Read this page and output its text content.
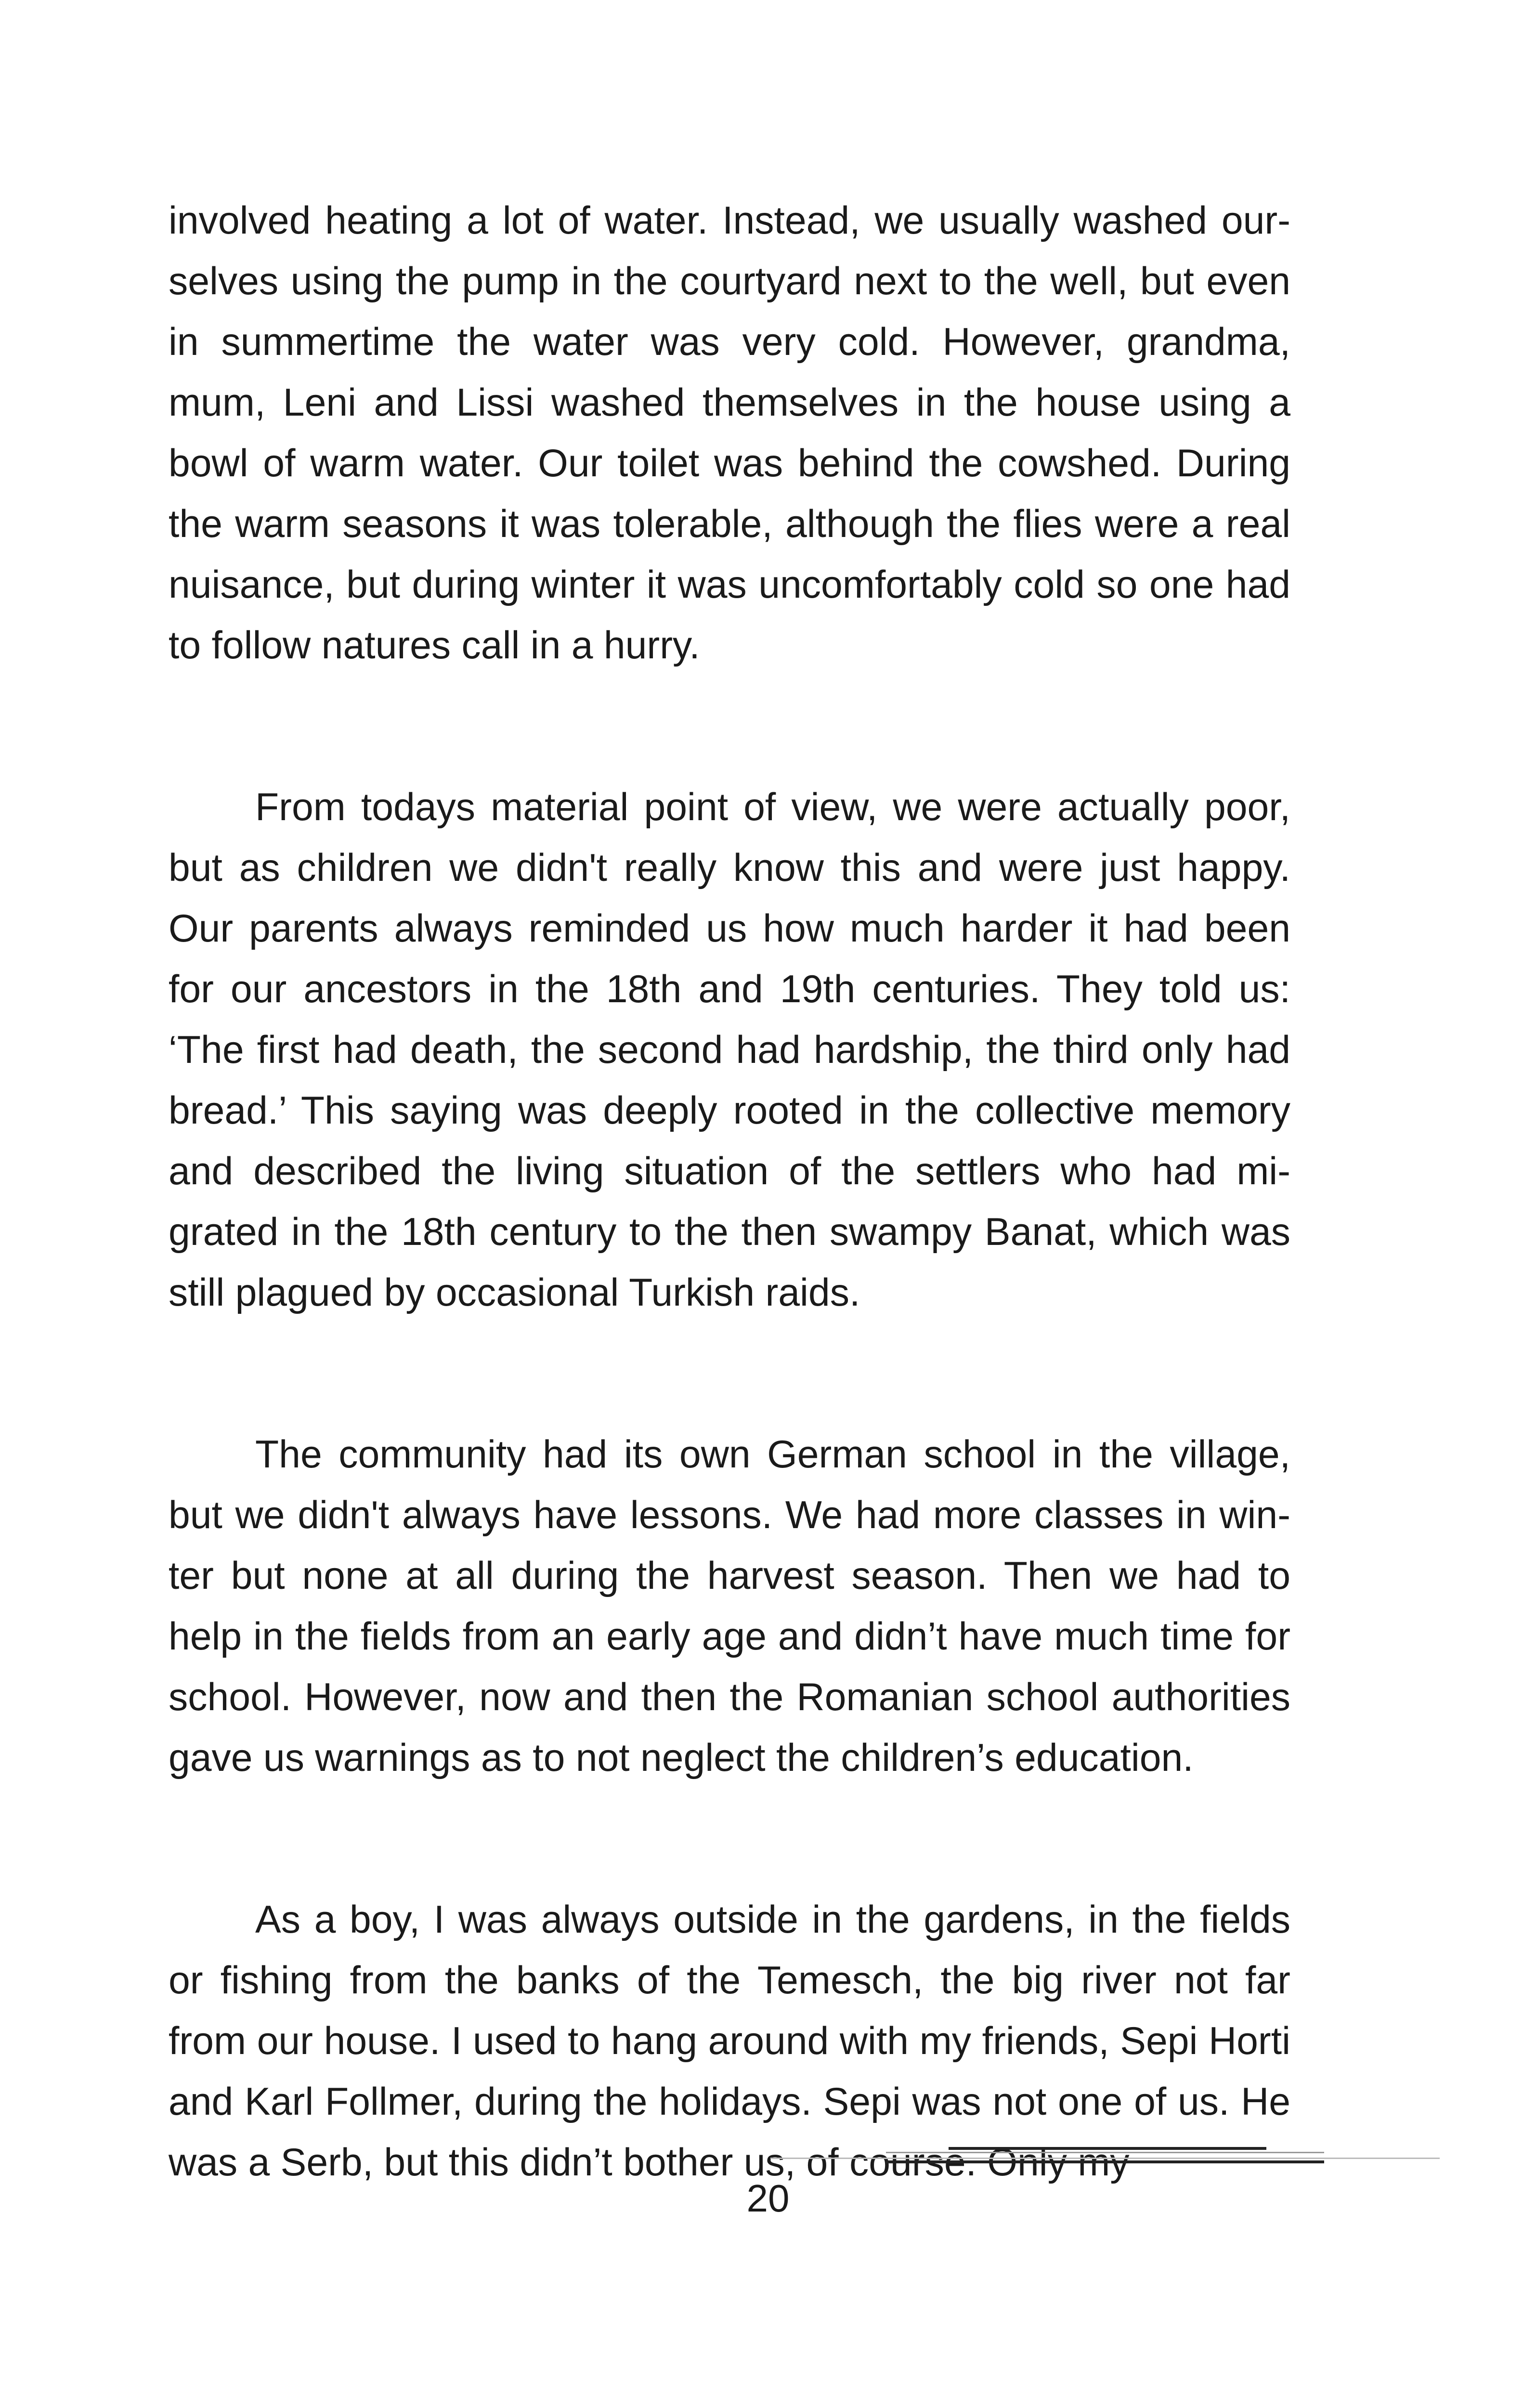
involved heating a lot of water. Instead, we usually washed ourselves using the pump in the courtyard next to the well, but even in summertime the water was very cold. However, grandma, mum, Leni and Lissi washed themselves in the house using a bowl of warm water. Our toilet was behind the cowshed. During the warm seasons it was tolerable, although the flies were a real nuisance, but during winter it was uncomfortably cold so one had to follow natures call in a hurry.

From todays material point of view, we were actually poor, but as children we didn't really know this and were just happy. Our parents always reminded us how much harder it had been for our ancestors in the 18th and 19th centuries. They told us: ‘The first had death, the second had hardship, the third only had bread.’ This saying was deeply rooted in the collective memory and described the living situation of the settlers who had migrated in the 18th century to the then swampy Banat, which was still plagued by occasional Turkish raids.

The community had its own German school in the village, but we didn't always have lessons. We had more classes in winter but none at all during the harvest season. Then we had to help in the fields from an early age and didn’t have much time for school. However, now and then the Romanian school authorities gave us warnings as to not neglect the children’s education.

As a boy, I was always outside in the gardens, in the fields or fishing from the banks of the Temesch, the big river not far from our house. I used to hang around with my friends, Sepi Horti and Karl Follmer, during the holidays. Sepi was not one of us. He was a Serb, but this didn’t bother us, of course. Only my

20
